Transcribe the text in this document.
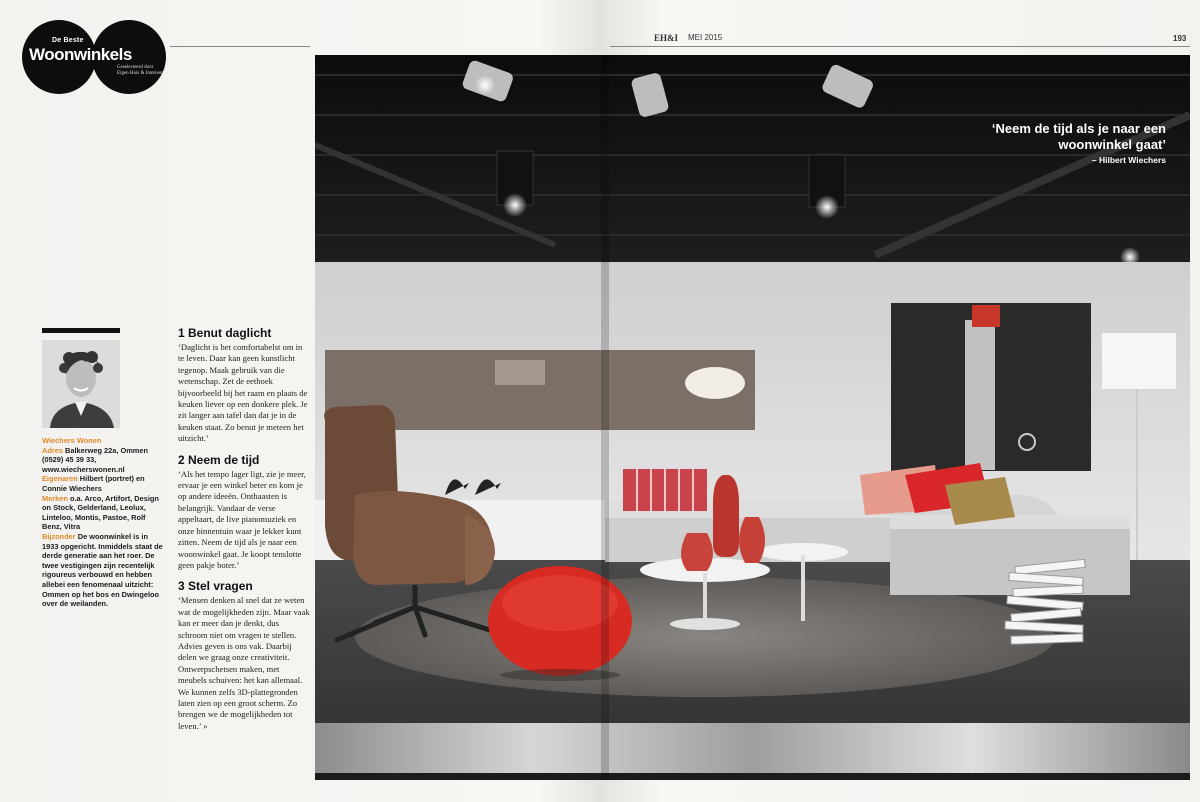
De Beste
Woonwinkels
Geselecteerd door Eigen Huis & Interieur
EH&I MEI 2015	193

Wiechers Wonen

Adres Balkerweg 22a, Ommen (0529) 45 39 33, www.wiecherswonen.nl

Eigenaren Hilbert (portret) en Connie Wiechers

Merken o.a. Arco, Artifort, Design on Stock, Gelderland, Leolux, Linteloo, Montis, Pastoe, Rolf Benz, Vitra

Bijzonder De woonwinkel is in 1933 opgericht. Inmiddels staat de derde generatie aan het roer. De twee vestigingen zijn recentelijk rigoureus verbouwd en hebben allebei een fenomenaal uitzicht: Ommen op het bos en Dwingeloo over de weilanden.

1 Benut daglicht

‘Daglicht is het comfortabelst om in te leven. Daar kan geen kunstlicht tegenop. Maak gebruik van die wetenschap. Zet de eethoek bijvoorbeeld bij het raam en plaats de keuken liever op een donkere plek. Je zit langer aan tafel dan dat je in de keuken staat. Zo benut je meteen het uitzicht.’

2 Neem de tijd

‘Als het tempo lager ligt, zie je meer, ervaar je een winkel beter en kom je op andere ideeën. Onthaasten is belangrijk. Vandaar de verse appeltaart, de live pianomuziek en onze binnentuin waar je lekker kunt zitten. Neem de tijd als je naar een woonwinkel gaat. Je koopt tenslotte geen pakje boter.’

3 Stel vragen

‘Mensen denken al snel dat ze weten wat de mogelijkheden zijn. Maar vaak kan er meer dan je denkt, dus schroom niet om vragen te stellen. Advies geven is ons vak. Daarbij delen we graag onze creativiteit. Ontwerpschetsen maken, met meubels schuiven: het kan allemaal. We kunnen zelfs 3D-plattegronden laten zien op een groot scherm. Zo brengen we de mogelijkheden tot leven.’ »

‘Neem de tijd als je naar een woonwinkel gaat’
– Hilbert Wiechers
